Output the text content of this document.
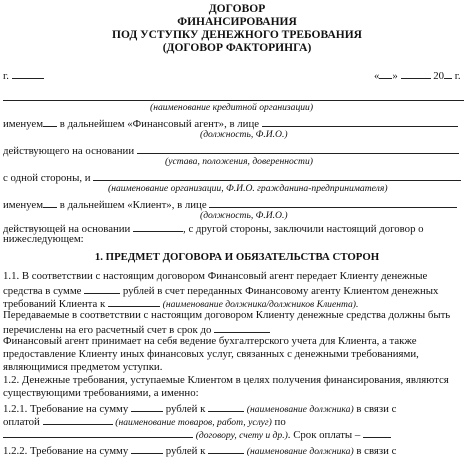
ДОГОВОР
ФИНАНСИРОВАНИЯ
ПОД УСТУПКУ ДЕНЕЖНОГО ТРЕБОВАНИЯ
(ДОГОВОР ФАКТОРИНГА)
г.	« »	20 г.
(наименование кредитной организации)
именуем в дальнейшем «Финансовый агент», в лице
(должность, Ф.И.О.)
действующего на основании
(устава, положения, доверенности)
с одной стороны, и
(наименование организации, Ф.И.О. гражданина-предпринимателя)
именуем в дальнейшем «Клиент», в лице
(должность, Ф.И.О.)
действующей на основании	, с другой стороны, заключили настоящий договор о
нижеследующем:
1. ПРЕДМЕТ ДОГОВОРА И ОБЯЗАТЕЛЬСТВА СТОРОН
1.1. В соответствии с настоящим договором Финансовый агент передает Клиенту денежные
средства в сумме	рублей в счет переданных Финансовому агенту Клиентом денежных
требований Клиента к	(наименование должника/должников Клиента).
Передаваемые в соответствии с настоящим договором Клиенту денежные средства должны быть
перечислены на его расчетный счет в срок до
Финансовый агент принимает на себя ведение бухгалтерского учета для Клиента, а также
предоставление Клиенту иных финансовых услуг, связанных с денежными требованиями,
являющимися предметом уступки.
1.2. Денежные требования, уступаемые Клиентом в целях получения финансирования, являются
существующими требованиями, а именно:
1.2.1. Требование на сумму	рублей к	(наименование должника) в связи с
оплатой	(наименование товаров, работ, услуг) по
(договору, счету и др.). Срок оплаты –
1.2.2. Требование на сумму	рублей к	(наименование должника) в связи с
